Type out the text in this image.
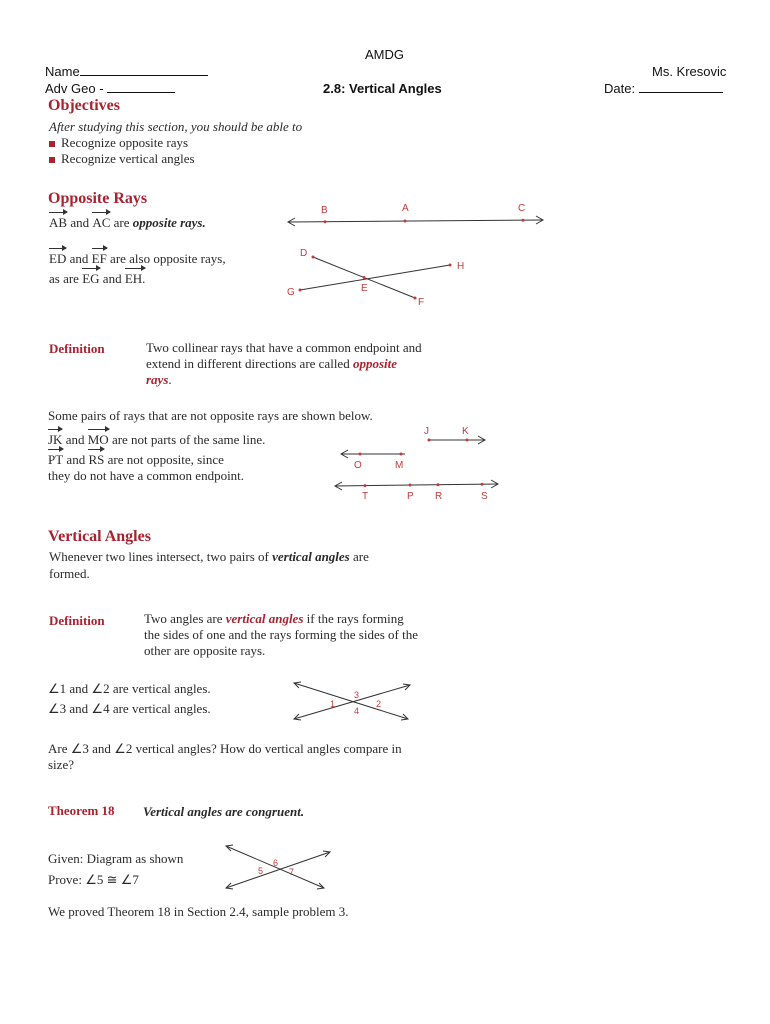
AMDG
Name
Adv Geo -	2.8: Vertical Angles
Ms. Kresovic
Date:
Objectives
After studying this section, you should be able to
Recognize opposite rays
Recognize vertical angles
Opposite Rays
AB and AC are opposite rays.
ED and EF are also opposite rays,
as are EG and EH.
B	A	C
D
H
E
G
F
Definition	Two collinear rays that have a common endpoint and
extend in different directions are called opposite
rays.
Some pairs of rays that are not opposite rays are shown below.
JK and MO are not parts of the same line.
PT and RS are not opposite, since
they do not have a common endpoint.
J	K
O	M
T	P R	S
Vertical Angles
Whenever two lines intersect, two pairs of vertical angles are
formed.
Definition	Two angles are vertical angles if the rays forming
the sides of one and the rays forming the sides of the
other are opposite rays.
∠1 and ∠2 are vertical angles.
∠3 and ∠4 are vertical angles.
3
1	2
4
Are ∠3 and ∠2 vertical angles? How do vertical angles compare in
size?
Theorem 18 Vertical angles are congruent.
Given: Diagram as shown
Prove: ∠5 ≅ ∠7
5
6
7
We proved Theorem 18 in Section 2.4, sample problem 3.
